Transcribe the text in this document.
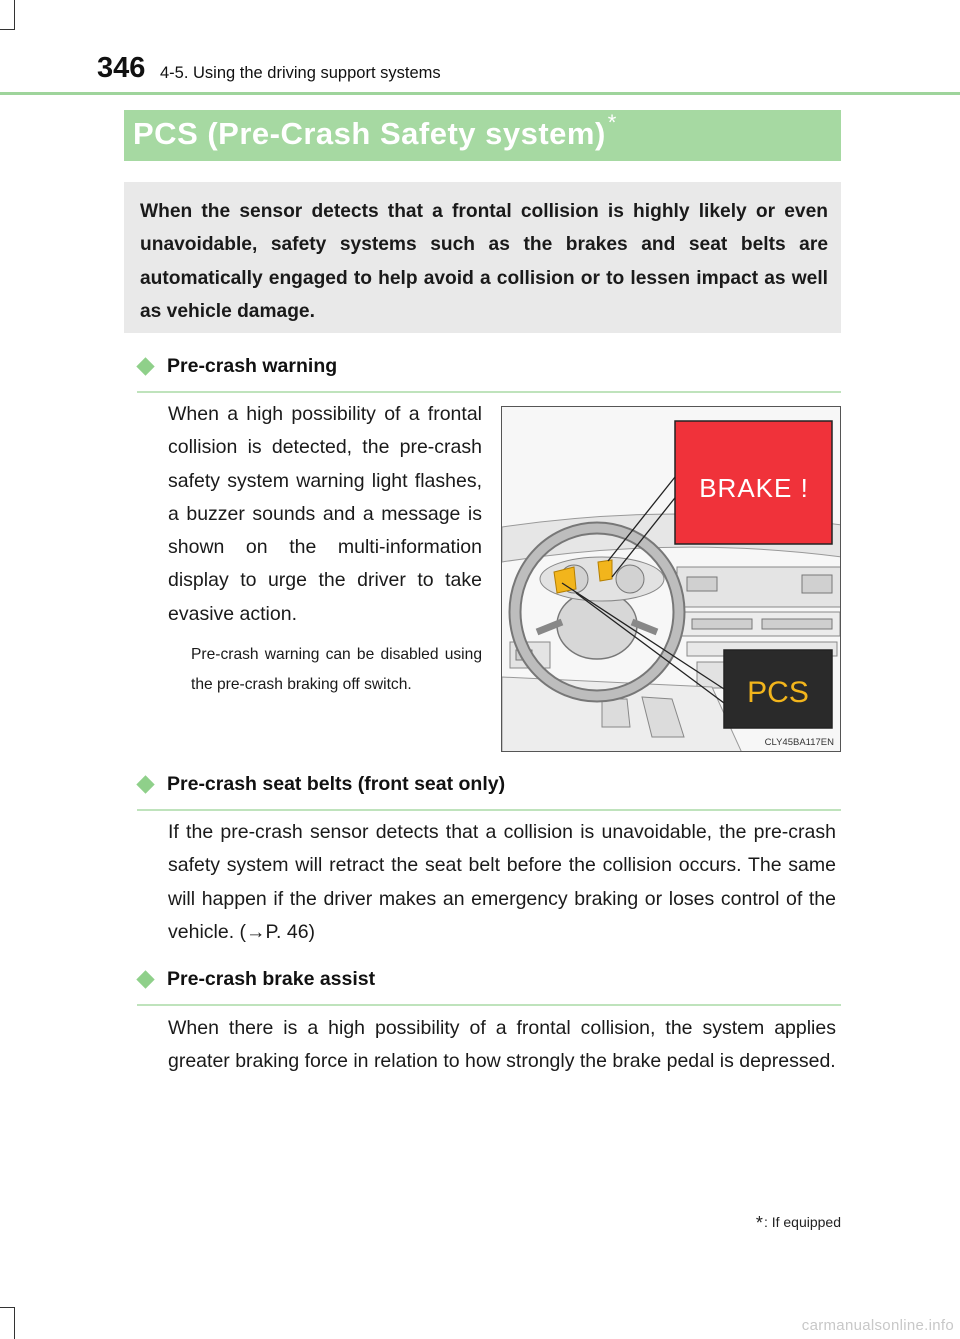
346 4-5. Using the driving support systems
PCS (Pre-Crash Safety system)*

When the sensor detects that a frontal collision is highly likely or even unavoidable, safety systems such as the brakes and seat belts are automatically engaged to help avoid a collision or to lessen impact as well as vehicle damage.

Pre-crash warning

When a high possibility of a frontal collision is detected, the pre-crash safety system warning light flashes, a buzzer sounds and a message is shown on the multi-information display to urge the driver to take evasive action.

Pre-crash warning can be disabled using the pre-crash braking off switch.

BRAKE !
PCS
CLY45BA117EN
Pre-crash seat belts (front seat only)

If the pre-crash sensor detects that a collision is unavoidable, the pre-crash safety system will retract the seat belt before the collision occurs. The same will happen if the driver makes an emergency braking or loses control of the vehicle. (→P. 46)

Pre-crash brake assist

When there is a high possibility of a frontal collision, the system applies greater braking force in relation to how strongly the brake pedal is depressed.

*: If equipped
carmanualsonline.info
